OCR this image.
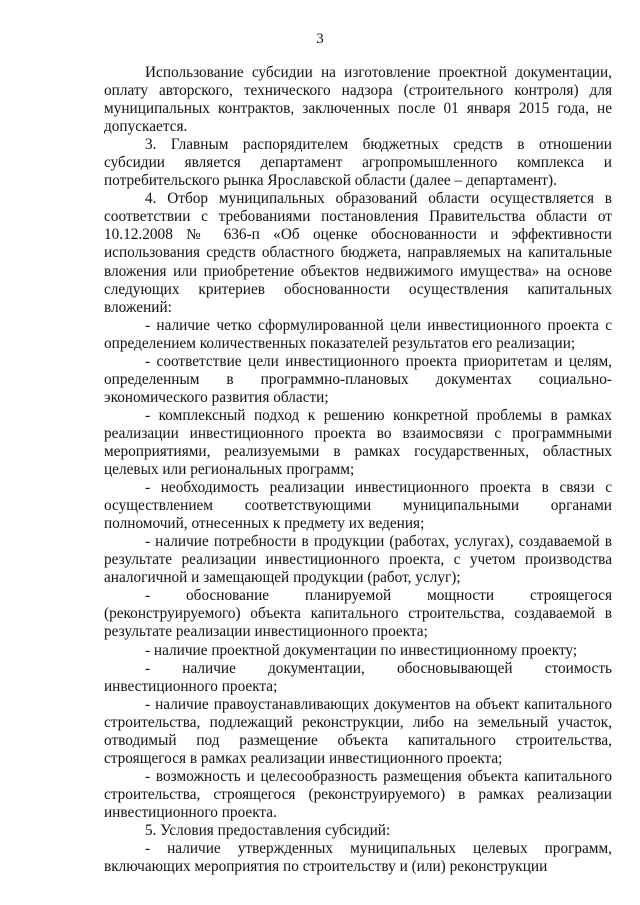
3

Использование субсидии на изготовление проектной документации, оплату авторского, технического надзора (строительного контроля) для муниципальных контрактов, заключенных после 01 января 2015 года, не допускается.

3. Главным распорядителем бюджетных средств в отношении субсидии является департамент агропромышленного комплекса и потребительского рынка Ярославской области (далее – департамент).

4. Отбор муниципальных образований области осуществляется в соответствии с требованиями постановления Правительства области от 10.12.2008 № 636-п «Об оценке обоснованности и эффективности использования средств областного бюджета, направляемых на капитальные вложения или приобретение объектов недвижимого имущества» на основе следующих критериев обоснованности осуществления капитальных вложений:

- наличие четко сформулированной цели инвестиционного проекта с определением количественных показателей результатов его реализации;

- соответствие цели инвестиционного проекта приоритетам и целям, определенным в программно-плановых документах социально-экономического развития области;

- комплексный подход к решению конкретной проблемы в рамках реализации инвестиционного проекта во взаимосвязи с программными мероприятиями, реализуемыми в рамках государственных, областных целевых или региональных программ;

- необходимость реализации инвестиционного проекта в связи с осуществлением соответствующими муниципальными органами полномочий, отнесенных к предмету их ведения;

- наличие потребности в продукции (работах, услугах), создаваемой в результате реализации инвестиционного проекта, с учетом производства аналогичной и замещающей продукции (работ, услуг);

- обоснование планируемой мощности строящегося (реконструируемого) объекта капитального строительства, создаваемой в результате реализации инвестиционного проекта;

- наличие проектной документации по инвестиционному проекту;

- наличие документации, обосновывающей стоимость инвестиционного проекта;

- наличие правоустанавливающих документов на объект капитального строительства, подлежащий реконструкции, либо на земельный участок, отводимый под размещение объекта капитального строительства, строящегося в рамках реализации инвестиционного проекта;

- возможность и целесообразность размещения объекта капитального строительства, строящегося (реконструируемого) в рамках реализации инвестиционного проекта.

5. Условия предоставления субсидий:

- наличие утвержденных муниципальных целевых программ, включающих мероприятия по строительству и (или) реконструкции
